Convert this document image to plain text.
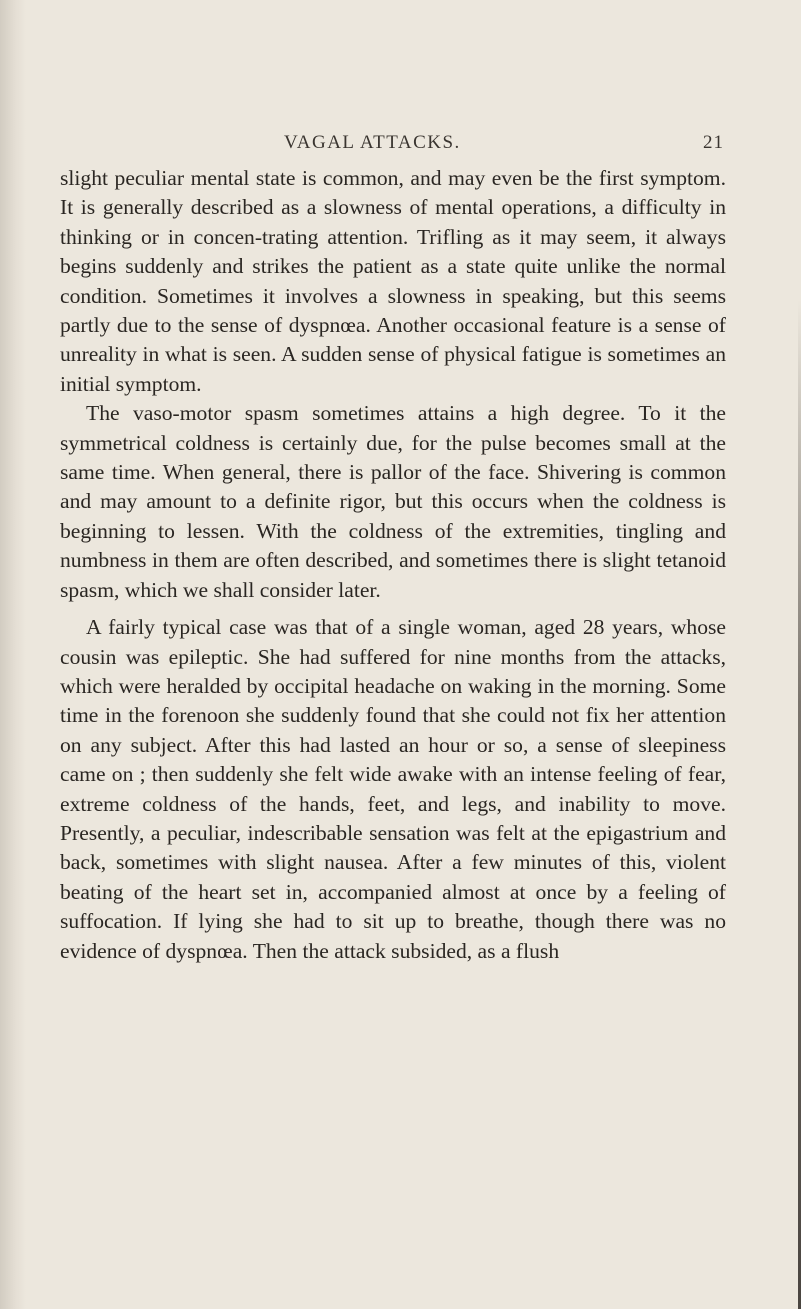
VAGAL ATTACKS.	21

slight peculiar mental state is common, and may even be the first symptom. It is generally described as a slowness of mental operations, a difficulty in thinking or in concen-trating attention. Trifling as it may seem, it always begins suddenly and strikes the patient as a state quite unlike the normal condition. Sometimes it involves a slowness in speaking, but this seems partly due to the sense of dyspnœa. Another occasional feature is a sense of unreality in what is seen. A sudden sense of physical fatigue is sometimes an initial symptom.

The vaso-motor spasm sometimes attains a high degree. To it the symmetrical coldness is certainly due, for the pulse becomes small at the same time. When general, there is pallor of the face. Shivering is common and may amount to a definite rigor, but this occurs when the coldness is beginning to lessen. With the coldness of the extremities, tingling and numbness in them are often described, and sometimes there is slight tetanoid spasm, which we shall consider later.

A fairly typical case was that of a single woman, aged 28 years, whose cousin was epileptic. She had suffered for nine months from the attacks, which were heralded by occipital headache on waking in the morning. Some time in the forenoon she suddenly found that she could not fix her attention on any subject. After this had lasted an hour or so, a sense of sleepiness came on ; then suddenly she felt wide awake with an intense feeling of fear, extreme coldness of the hands, feet, and legs, and inability to move. Presently, a peculiar, indescribable sensation was felt at the epigastrium and back, sometimes with slight nausea. After a few minutes of this, violent beating of the heart set in, accompanied almost at once by a feeling of suffocation. If lying she had to sit up to breathe, though there was no evidence of dyspnœa. Then the attack subsided, as a flush
